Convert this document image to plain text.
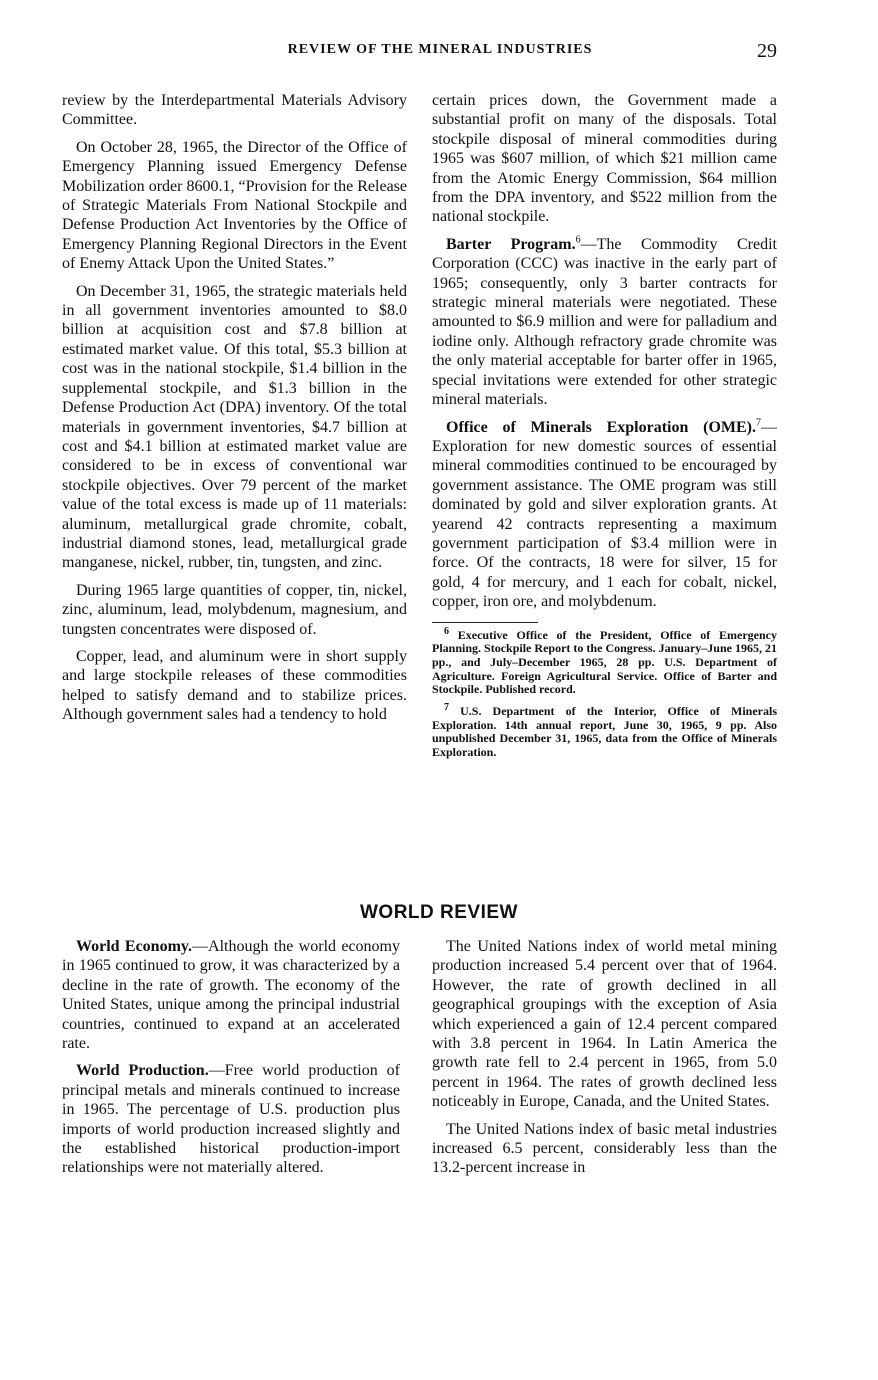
REVIEW OF THE MINERAL INDUSTRIES	29

review by the Interdepartmental Materials Advisory Committee.

On October 28, 1965, the Director of the Office of Emergency Planning issued Emergency Defense Mobilization order 8600.1, “Provision for the Release of Strategic Materials From National Stockpile and Defense Production Act Inventories by the Office of Emergency Planning Regional Directors in the Event of Enemy Attack Upon the United States.”

On December 31, 1965, the strategic materials held in all government inventories amounted to $8.0 billion at acquisition cost and $7.8 billion at estimated market value. Of this total, $5.3 billion at cost was in the national stockpile, $1.4 billion in the supplemental stockpile, and $1.3 billion in the Defense Production Act (DPA) inventory. Of the total materials in government inventories, $4.7 billion at cost and $4.1 billion at estimated market value are considered to be in excess of conventional war stockpile objectives. Over 79 percent of the market value of the total excess is made up of 11 materials: aluminum, metallurgical grade chromite, cobalt, industrial diamond stones, lead, metallurgical grade manganese, nickel, rubber, tin, tungsten, and zinc.

During 1965 large quantities of copper, tin, nickel, zinc, aluminum, lead, molybdenum, magnesium, and tungsten concentrates were disposed of.

Copper, lead, and aluminum were in short supply and large stockpile releases of these commodities helped to satisfy demand and to stabilize prices. Although government sales had a tendency to hold

certain prices down, the Government made a substantial profit on many of the disposals. Total stockpile disposal of mineral commodities during 1965 was $607 million, of which $21 million came from the Atomic Energy Commission, $64 million from the DPA inventory, and $522 million from the national stockpile.

Barter Program.$^6$—The Commodity Credit Corporation (CCC) was inactive in the early part of 1965; consequently, only 3 barter contracts for strategic mineral materials were negotiated. These amounted to $6.9 million and were for palladium and iodine only. Although refractory grade chromite was the only material acceptable for barter offer in 1965, special invitations were extended for other strategic mineral materials.

Office of Minerals Exploration (OME).$^7$—Exploration for new domestic sources of essential mineral commodities continued to be encouraged by government assistance. The OME program was still dominated by gold and silver exploration grants. At yearend 42 contracts representing a maximum government participation of $3.4 million were in force. Of the contracts, 18 were for silver, 15 for gold, 4 for mercury, and 1 each for cobalt, nickel, copper, iron ore, and molybdenum.

$^6$ Executive Office of the President, Office of Emergency Planning. Stockpile Report to the Congress. January–June 1965, 21 pp., and July–December 1965, 28 pp. U.S. Department of Agriculture. Foreign Agricultural Service. Office of Barter and Stockpile. Published record.

$^7$ U.S. Department of the Interior, Office of Minerals Exploration. 14th annual report, June 30, 1965, 9 pp. Also unpublished December 31, 1965, data from the Office of Minerals Exploration.

WORLD REVIEW

World Economy.—Although the world economy in 1965 continued to grow, it was characterized by a decline in the rate of growth. The economy of the United States, unique among the principal industrial countries, continued to expand at an accelerated rate.

World Production.—Free world production of principal metals and minerals continued to increase in 1965. The percentage of U.S. production plus imports of world production increased slightly and the established historical production-import relationships were not materially altered.

The United Nations index of world metal mining production increased 5.4 percent over that of 1964. However, the rate of growth declined in all geographical groupings with the exception of Asia which experienced a gain of 12.4 percent compared with 3.8 percent in 1964. In Latin America the growth rate fell to 2.4 percent in 1965, from 5.0 percent in 1964. The rates of growth declined less noticeably in Europe, Canada, and the United States.

The United Nations index of basic metal industries increased 6.5 percent, considerably less than the 13.2-percent increase in
